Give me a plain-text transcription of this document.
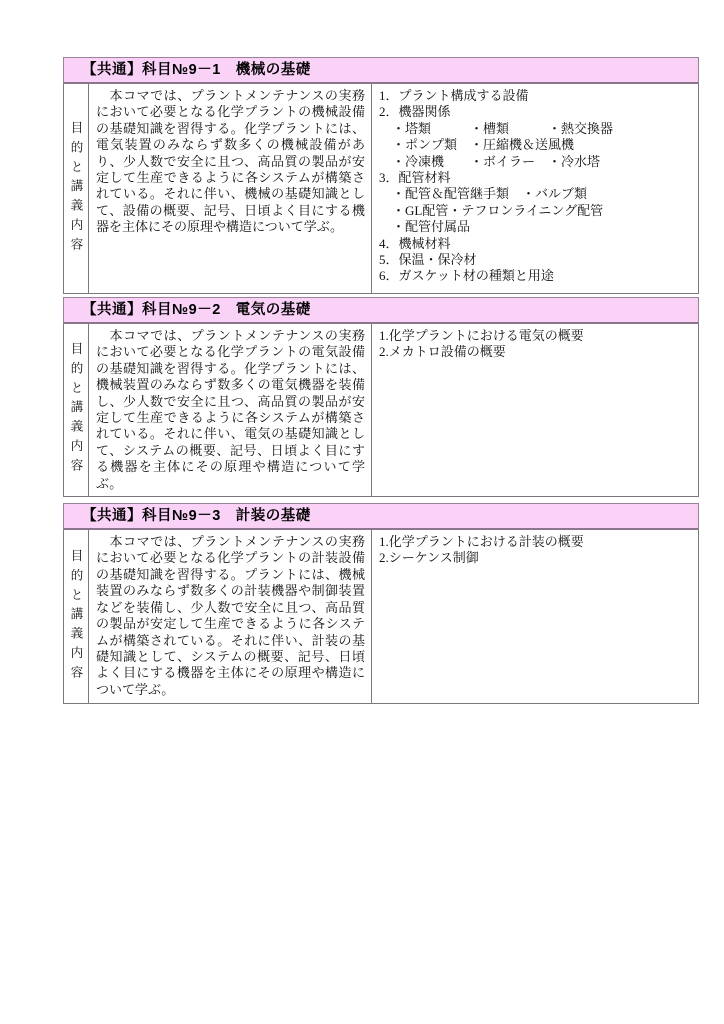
【共通】科目№9－1　機械の基礎
目的と講義内容
　本コマでは、プラントメンテナンスの実務において必要となる化学プラントの機械設備の基礎知識を習得する。化学プラントには、電気装置のみならず数多くの機械設備があり、少人数で安全に且つ、高品質の製品が安定して生産できるように各システムが構築されている。それに伴い、機械の基礎知識として、設備の概要、記号、日頃よく目にする機器を主体にその原理や構造について学ぶ。
1．プラント構成する設備
2．機器関係
　・塔類　　　・槽類　　　・熱交換器
　・ポンプ類　・圧縮機＆送風機
　・冷凍機　　・ボイラー　・冷水塔
3．配管材料
　・配管＆配管継手類　・バルブ類
　・GL配管・テフロンライニング配管
　・配管付属品
4．機械材料
5．保温・保冷材
6．ガスケット材の種類と用途
【共通】科目№9－2　電気の基礎
目的と講義内容
　本コマでは、プラントメンテナンスの実務において必要となる化学プラントの電気設備の基礎知識を習得する。化学プラントには、機械装置のみならず数多くの電気機器を装備し、少人数で安全に且つ、高品質の製品が安定して生産できるように各システムが構築されている。それに伴い、電気の基礎知識として、システムの概要、記号、日頃よく目にする機器を主体にその原理や構造について学ぶ。
1.化学プラントにおける電気の概要
2.メカトロ設備の概要
【共通】科目№9－3　計装の基礎
目的と講義内容
　本コマでは、プラントメンテナンスの実務において必要となる化学プラントの計装設備の基礎知識を習得する。プラントには、機械装置のみならず数多くの計装機器や制御装置などを装備し、少人数で安全に且つ、高品質の製品が安定して生産できるように各システムが構築されている。それに伴い、計装の基礎知識として、システムの概要、記号、日頃よく目にする機器を主体にその原理や構造について学ぶ。
1.化学プラントにおける計装の概要
2.シーケンス制御
